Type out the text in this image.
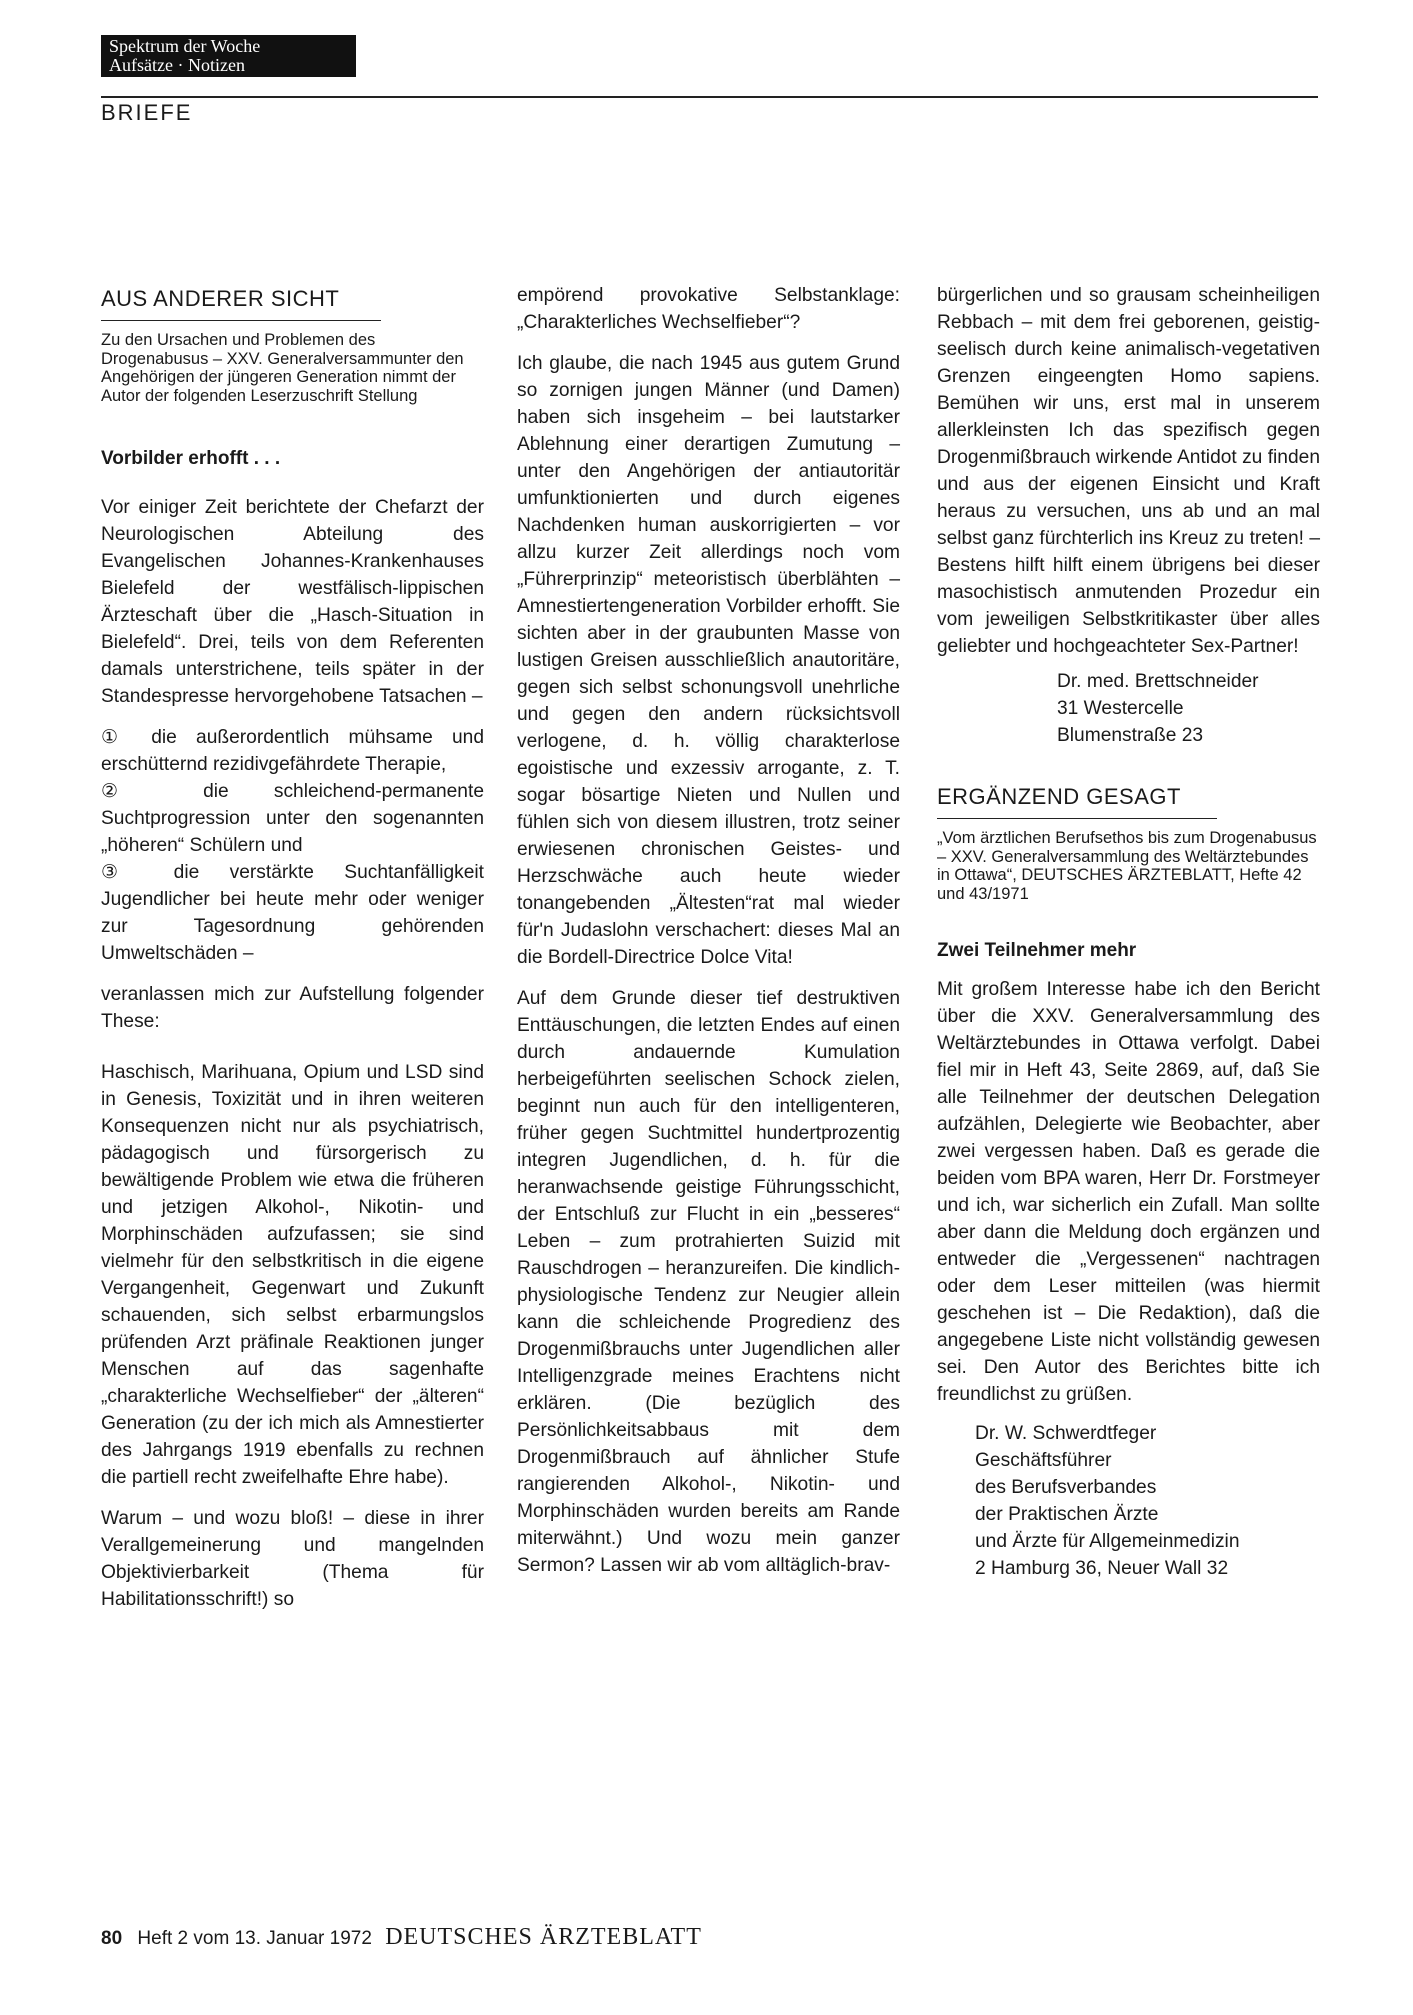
Spektrum der Woche
Aufsätze · Notizen
BRIEFE
AUS ANDERER SICHT

Zu den Ursachen und Problemen des Drogenabusus – XXV. Generalversammunter den Angehörigen der jüngeren Generation nimmt der Autor der folgenden Leserzuschrift Stellung

Vorbilder erhofft . . .

Vor einiger Zeit berichtete der Chefarzt der Neurologischen Abteilung des Evangelischen Johannes-Krankenhauses Bielefeld der westfälisch-lippischen Ärzteschaft über die „Hasch-Situation in Bielefeld“. Drei, teils von dem Referenten damals unterstrichene, teils später in der Standespresse hervorgehobene Tatsachen –

① die außerordentlich mühsame und erschütternd rezidivgefährdete Therapie,

② die schleichend-permanente Suchtprogression unter den sogenannten „höheren“ Schülern und

③ die verstärkte Suchtanfälligkeit Jugendlicher bei heute mehr oder weniger zur Tagesordnung gehörenden Umweltschäden –

veranlassen mich zur Aufstellung folgender These:

Haschisch, Marihuana, Opium und LSD sind in Genesis, Toxizität und in ihren weiteren Konsequenzen nicht nur als psychiatrisch, pädagogisch und fürsorgerisch zu bewältigende Problem wie etwa die früheren und jetzigen Alkohol-, Nikotin- und Morphinschäden aufzufassen; sie sind vielmehr für den selbstkritisch in die eigene Vergangenheit, Gegenwart und Zukunft schauenden, sich selbst erbarmungslos prüfenden Arzt präfinale Reaktionen junger Menschen auf das sagenhafte „charakterliche Wechselfieber“ der „älteren“ Generation (zu der ich mich als Amnestierter des Jahrgangs 1919 ebenfalls zu rechnen die partiell recht zweifelhafte Ehre habe).

Warum – und wozu bloß! – diese in ihrer Verallgemeinerung und mangelnden Objektivierbarkeit (Thema für Habilitationsschrift!) so

empörend provokative Selbstanklage: „Charakterliches Wechselfieber“?

Ich glaube, die nach 1945 aus gutem Grund so zornigen jungen Männer (und Damen) haben sich insgeheim – bei lautstarker Ablehnung einer derartigen Zumutung – unter den Angehörigen der antiautoritär umfunktionierten und durch eigenes Nachdenken human auskorrigierten – vor allzu kurzer Zeit allerdings noch vom „Führerprinzip“ meteoristisch überblähten – Amnestiertengeneration Vorbilder erhofft. Sie sichten aber in der graubunten Masse von lustigen Greisen ausschließlich anautoritäre, gegen sich selbst schonungsvoll unehrliche und gegen den andern rücksichtsvoll verlogene, d. h. völlig charakterlose egoistische und exzessiv arrogante, z. T. sogar bösartige Nieten und Nullen und fühlen sich von diesem illustren, trotz seiner erwiesenen chronischen Geistes- und Herzschwäche auch heute wieder tonangebenden „Ältesten“rat mal wieder für'n Judaslohn verschachert: dieses Mal an die Bordell-Directrice Dolce Vita!

Auf dem Grunde dieser tief destruktiven Enttäuschungen, die letzten Endes auf einen durch andauernde Kumulation herbeigeführten seelischen Schock zielen, beginnt nun auch für den intelligenteren, früher gegen Suchtmittel hundertprozentig integren Jugendlichen, d. h. für die heranwachsende geistige Führungsschicht, der Entschluß zur Flucht in ein „besseres“ Leben – zum protrahierten Suizid mit Rauschdrogen – heranzureifen. Die kindlich-physiologische Tendenz zur Neugier allein kann die schleichende Progredienz des Drogenmißbrauchs unter Jugendlichen aller Intelligenzgrade meines Erachtens nicht erklären. (Die bezüglich des Persönlichkeitsabbaus mit dem Drogenmißbrauch auf ähnlicher Stufe rangierenden Alkohol-, Nikotin- und Morphinschäden wurden bereits am Rande miterwähnt.) Und wozu mein ganzer Sermon? Lassen wir ab vom alltäglich-brav-

bürgerlichen und so grausam scheinheiligen Rebbach – mit dem frei geborenen, geistig-seelisch durch keine animalisch-vegetativen Grenzen eingeengten Homo sapiens. Bemühen wir uns, erst mal in unserem allerkleinsten Ich das spezifisch gegen Drogenmißbrauch wirkende Antidot zu finden und aus der eigenen Einsicht und Kraft heraus zu versuchen, uns ab und an mal selbst ganz fürchterlich ins Kreuz zu treten! – Bestens hilft hilft einem übrigens bei dieser masochistisch anmutenden Prozedur ein vom jeweiligen Selbstkritikaster über alles geliebter und hochgeachteter Sex-Partner!

Dr. med. Brettschneider

31 Westercelle

Blumenstraße 23

ERGÄNZEND GESAGT

„Vom ärztlichen Berufsethos bis zum Drogenabusus – XXV. Generalversammlung des Weltärztebundes in Ottawa“, DEUTSCHES ÄRZTEBLATT, Hefte 42 und 43/1971

Zwei Teilnehmer mehr

Mit großem Interesse habe ich den Bericht über die XXV. Generalversammlung des Weltärztebundes in Ottawa verfolgt. Dabei fiel mir in Heft 43, Seite 2869, auf, daß Sie alle Teilnehmer der deutschen Delegation aufzählen, Delegierte wie Beobachter, aber zwei vergessen haben. Daß es gerade die beiden vom BPA waren, Herr Dr. Forstmeyer und ich, war sicherlich ein Zufall. Man sollte aber dann die Meldung doch ergänzen und entweder die „Vergessenen“ nachtragen oder dem Leser mitteilen (was hiermit geschehen ist – Die Redaktion), daß die angegebene Liste nicht vollständig gewesen sei. Den Autor des Berichtes bitte ich freundlichst zu grüßen.

Dr. W. Schwerdtfeger

Geschäftsführer

des Berufsverbandes

der Praktischen Ärzte

und Ärzte für Allgemeinmedizin

2 Hamburg 36, Neuer Wall 32

80 Heft 2 vom 13. Januar 1972 DEUTSCHES ÄRZTEBLATT
